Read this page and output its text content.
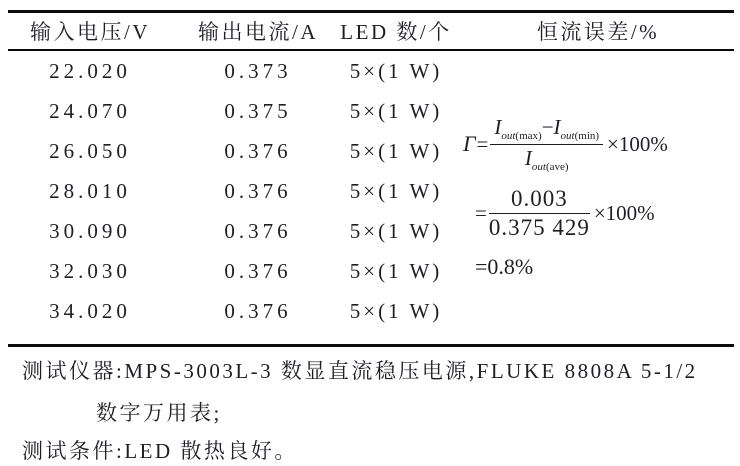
输入电压/V	输出电流/A	LED 数/个	恒流误差/%
22.020	0.373	5×(1 W)
24.070	0.375	5×(1 W)
26.050	0.376	5×(1 W)
28.010	0.376	5×(1 W)
30.090	0.376	5×(1 W)
32.030	0.376	5×(1 W)
34.020	0.376	5×(1 W)
$\Gamma = \frac{I_{out(max)}-I_{out(min)}}{I_{out(ave)}} \times 100\%$
= $\frac{0.003}{0.375 429} \times 100\%$
=0.8%
测试仪器:MPS-3003L-3 数显直流稳压电源,FLUKE 8808A 5-1/2
数字万用表;
测试条件:LED 散热良好。
